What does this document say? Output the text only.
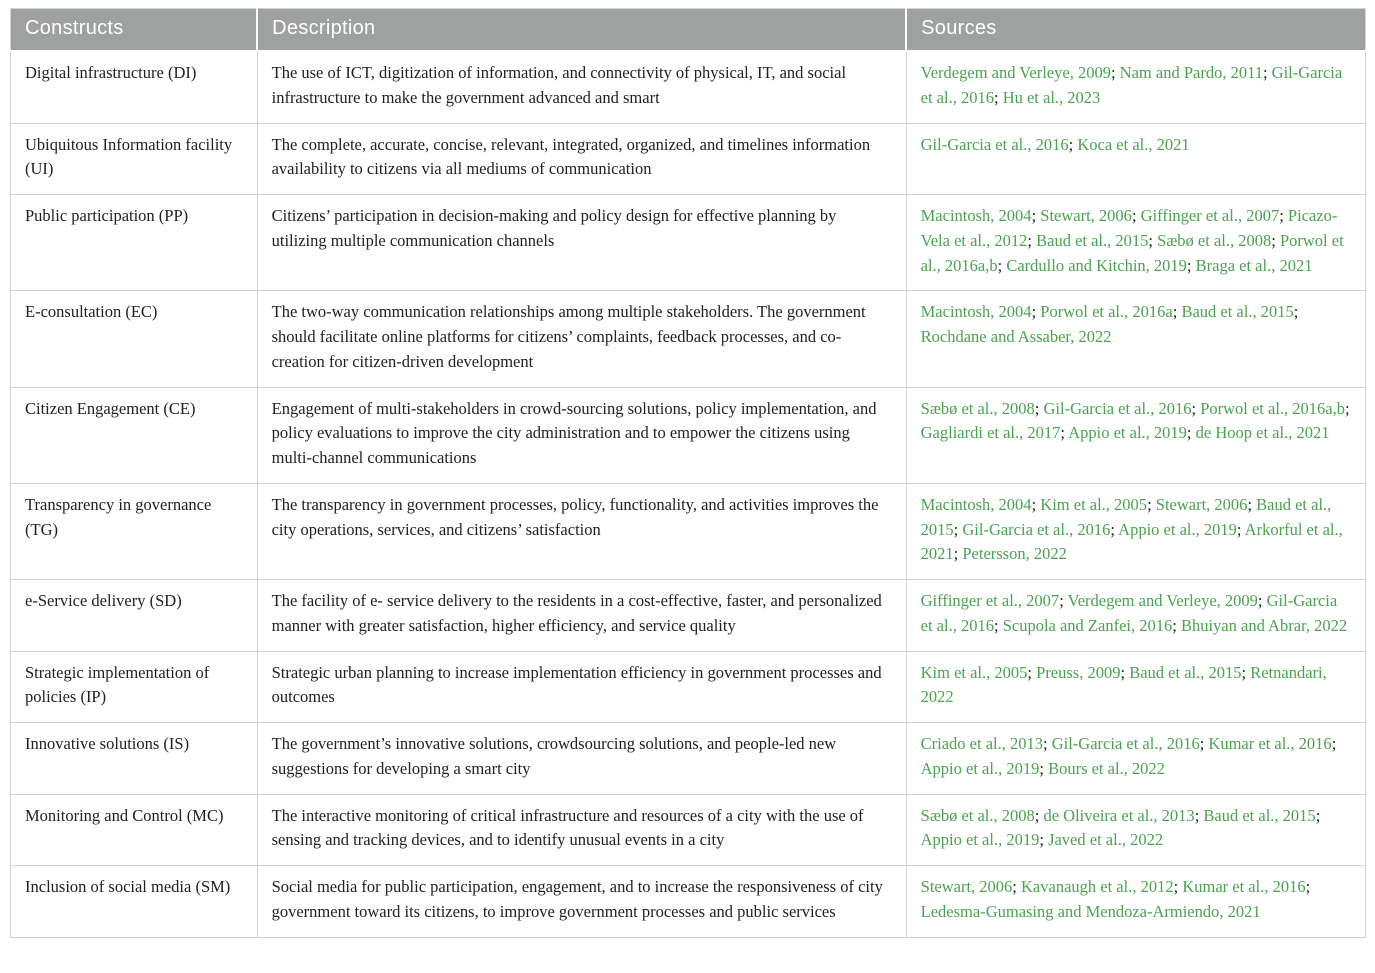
Constructs	Description	Sources
Digital infrastructure (DI)	The use of ICT, digitization of information, and connectivity of physical, IT, and social infrastructure to make the government advanced and smart	Verdegem and Verleye, 2009; Nam and Pardo, 2011; Gil-Garcia et al., 2016; Hu et al., 2023
Ubiquitous Information facility (UI)	The complete, accurate, concise, relevant, integrated, organized, and timelines information availability to citizens via all mediums of communication	Gil-Garcia et al., 2016; Koca et al., 2021
Public participation (PP)	Citizens’ participation in decision-making and policy design for effective planning by utilizing multiple communication channels	Macintosh, 2004; Stewart, 2006; Giffinger et al., 2007; Picazo-Vela et al., 2012; Baud et al., 2015; Sæbø et al., 2008; Porwol et al., 2016a,b; Cardullo and Kitchin, 2019; Braga et al., 2021
E-consultation (EC)	The two-way communication relationships among multiple stakeholders. The government should facilitate online platforms for citizens’ complaints, feedback processes, and co-creation for citizen-driven development	Macintosh, 2004; Porwol et al., 2016a; Baud et al., 2015; Rochdane and Assaber, 2022
Citizen Engagement (CE)	Engagement of multi-stakeholders in crowd-sourcing solutions, policy implementation, and policy evaluations to improve the city administration and to empower the citizens using multi-channel communications	Sæbø et al., 2008; Gil-Garcia et al., 2016; Porwol et al., 2016a,b; Gagliardi et al., 2017; Appio et al., 2019; de Hoop et al., 2021
Transparency in governance (TG)	The transparency in government processes, policy, functionality, and activities improves the city operations, services, and citizens’ satisfaction	Macintosh, 2004; Kim et al., 2005; Stewart, 2006; Baud et al., 2015; Gil-Garcia et al., 2016; Appio et al., 2019; Arkorful et al., 2021; Petersson, 2022
e-Service delivery (SD)	The facility of e- service delivery to the residents in a cost-effective, faster, and personalized manner with greater satisfaction, higher efficiency, and service quality	Giffinger et al., 2007; Verdegem and Verleye, 2009; Gil-Garcia et al., 2016; Scupola and Zanfei, 2016; Bhuiyan and Abrar, 2022
Strategic implementation of policies (IP)	Strategic urban planning to increase implementation efficiency in government processes and outcomes	Kim et al., 2005; Preuss, 2009; Baud et al., 2015; Retnandari, 2022
Innovative solutions (IS)	The government’s innovative solutions, crowdsourcing solutions, and people-led new suggestions for developing a smart city	Criado et al., 2013; Gil-Garcia et al., 2016; Kumar et al., 2016; Appio et al., 2019; Bours et al., 2022
Monitoring and Control (MC)	The interactive monitoring of critical infrastructure and resources of a city with the use of sensing and tracking devices, and to identify unusual events in a city	Sæbø et al., 2008; de Oliveira et al., 2013; Baud et al., 2015; Appio et al., 2019; Javed et al., 2022
Inclusion of social media (SM)	Social media for public participation, engagement, and to increase the responsiveness of city government toward its citizens, to improve government processes and public services	Stewart, 2006; Kavanaugh et al., 2012; Kumar et al., 2016; Ledesma-Gumasing and Mendoza-Armiendo, 2021
